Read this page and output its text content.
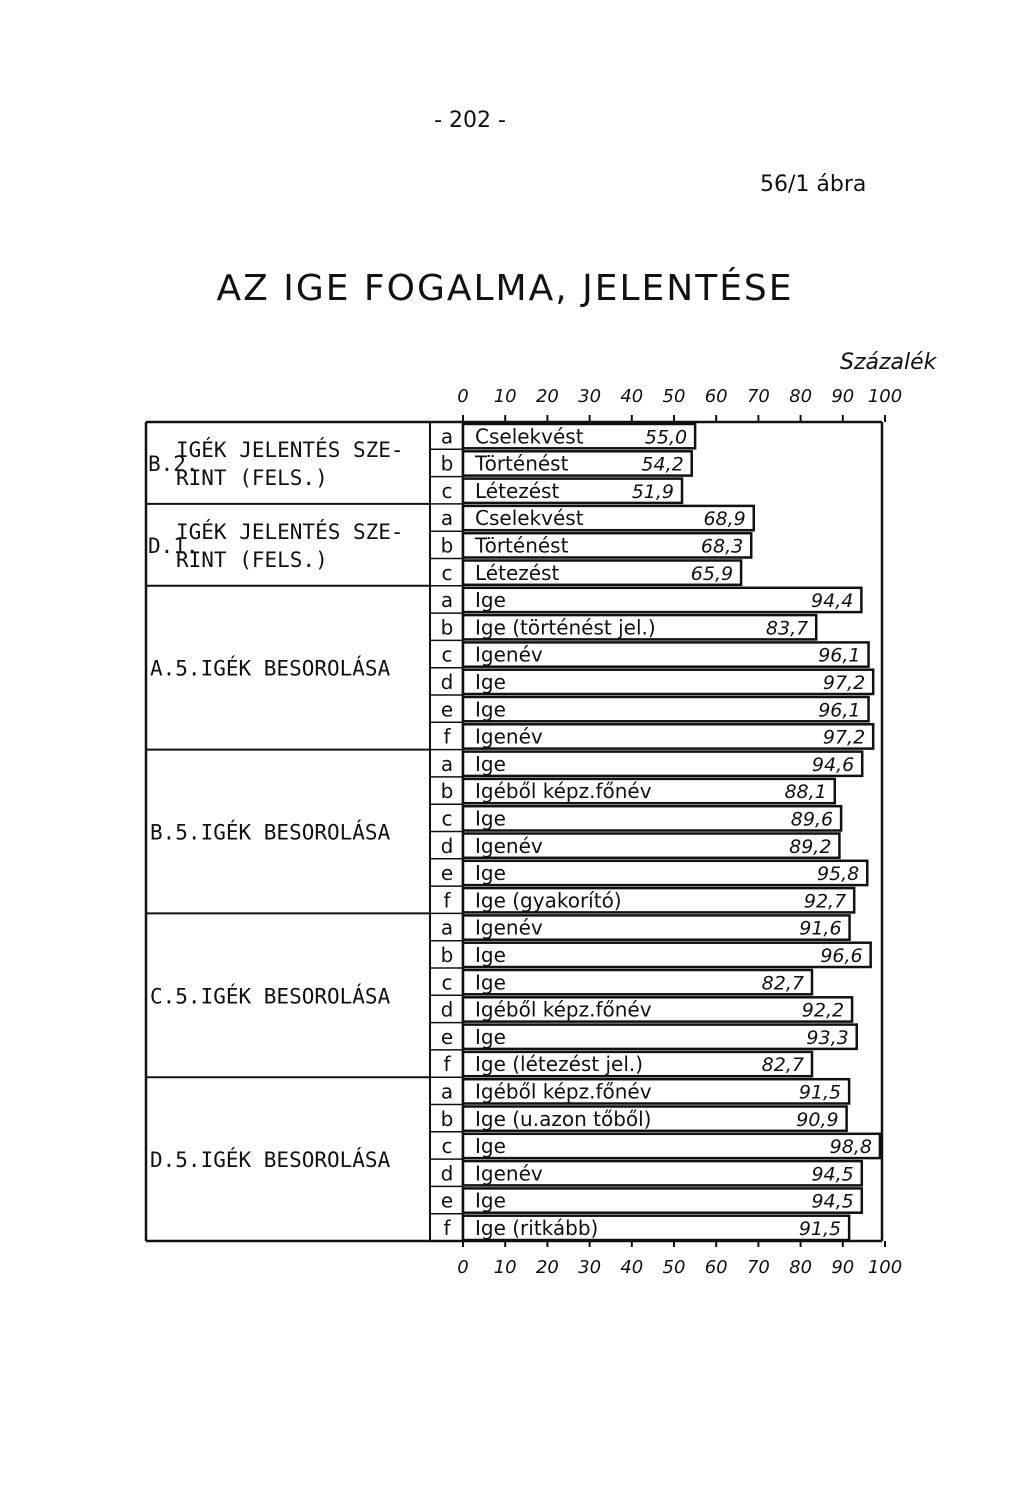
- 202 -
56/1 ábra
AZ IGE FOGALMA, JELENTÉSE
Százalék
0
0
10
10
20
20
30
30
40
40
50
50
60
60
70
70
80
80
90
90
100
100
IGÉK JELENTÉS SZE-
RINT (FELS.)
B.2.
a Cselekvést	55,0
b Történést	54,2
c Létezést	51,9
IGÉK JELENTÉS SZE-
RINT (FELS.)
D.1.
a Cselekvést	68,9
b Történést	68,3
c Létezést	65,9
A.5.IGÉK BESOROLÁSA
a Ige	94,4
b Ige (történést jel.)	83,7
c Igenév	96,1
d Ige	97,2
e Ige	96,1
f Igenév	97,2
B.5.IGÉK BESOROLÁSA
a Ige	94,6
b Igéből képz.főnév	88,1
c Ige	89,6
d Igenév	89,2
e Ige	95,8
f Ige (gyakorító)	92,7
C.5.IGÉK BESOROLÁSA
a Igenév	91,6
b Ige	96,6
c Ige	82,7
d Igéből képz.főnév	92,2
e Ige	93,3
f Ige (létezést jel.)	82,7
D.5.IGÉK BESOROLÁSA
a Igéből képz.főnév	91,5
b Ige (u.azon tőből)	90,9
c Ige	98,8
d Igenév	94,5
e Ige	94,5
f Ige (ritkább)	91,5
